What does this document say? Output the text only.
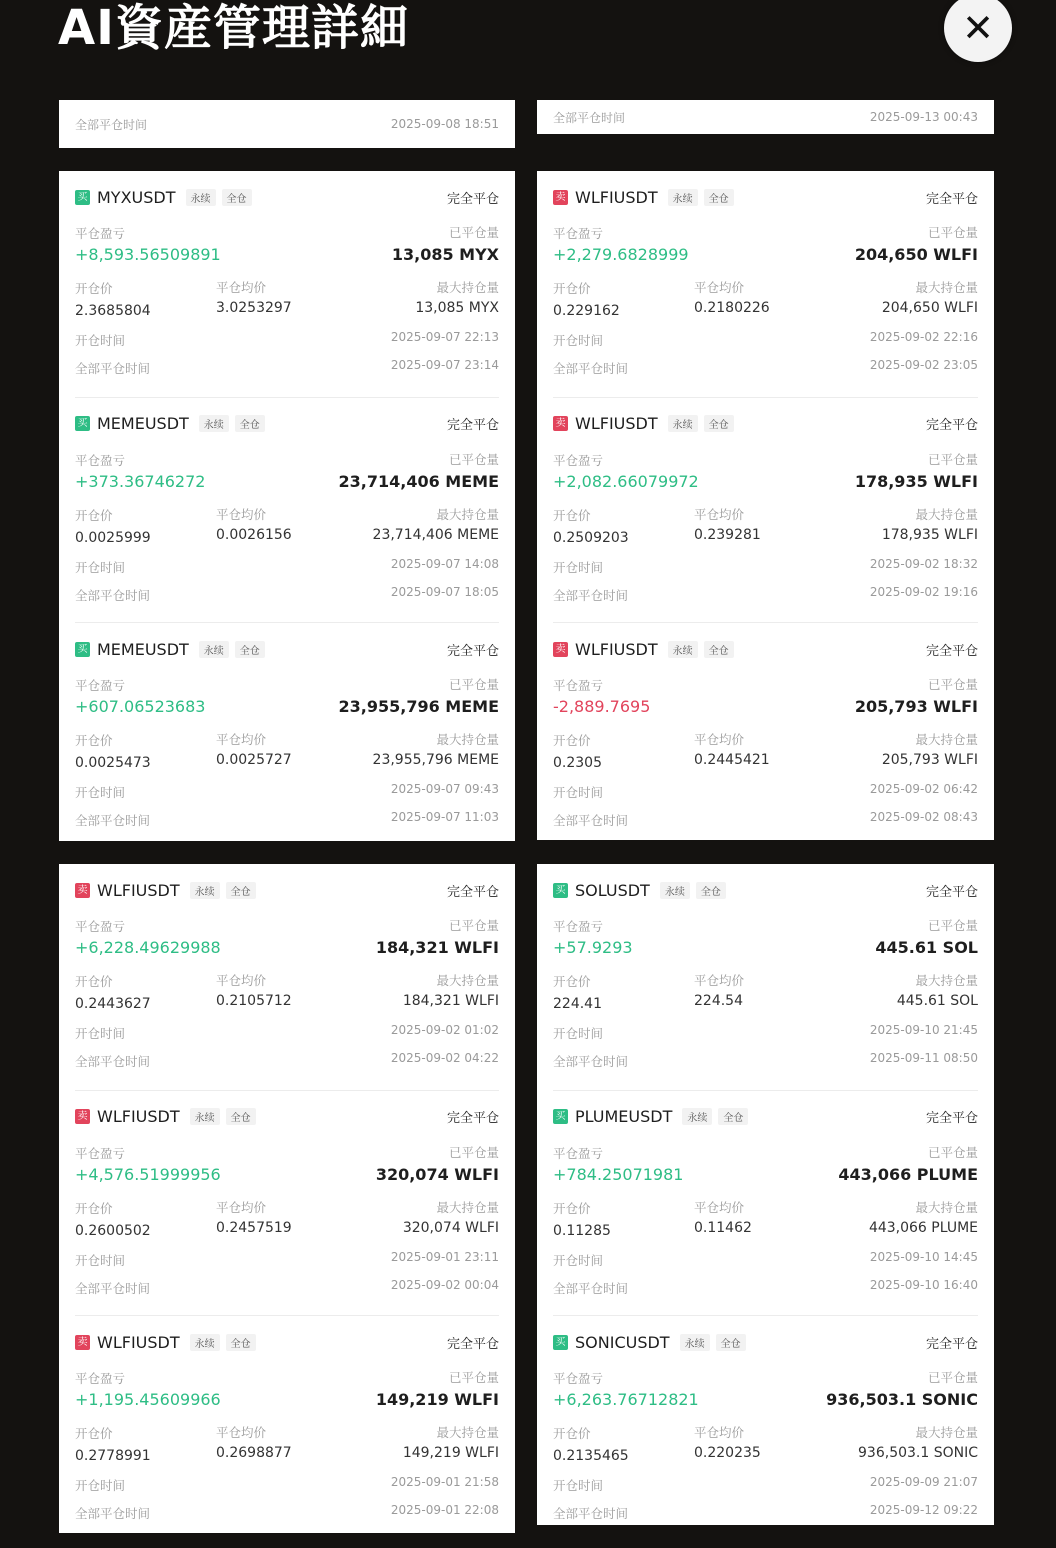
AI資産管理詳細	✕
全部平仓时间	2025-09-08 18:51	全部平仓时间	2025-09-13 00:43
买 MYXUSDT	永续	全仓	完全平仓
平仓盈亏	已平仓量
+8,593.56509891	13,085 MYX
开仓价	平仓均价	最大持仓量
2.3685804	3.0253297	13,085 MYX
开仓时间	2025-09-07 22:13
全部平仓时间	2025-09-07 23:14
买 MEMEUSDT	永续	全仓	完全平仓
平仓盈亏	已平仓量
+373.36746272	23,714,406 MEME
开仓价	平仓均价	最大持仓量
0.0025999	0.0026156	23,714,406 MEME
开仓时间	2025-09-07 14:08
全部平仓时间	2025-09-07 18:05
买 MEMEUSDT	永续	全仓	完全平仓
平仓盈亏	已平仓量
+607.06523683	23,955,796 MEME
开仓价	平仓均价	最大持仓量
0.0025473	0.0025727	23,955,796 MEME
开仓时间	2025-09-07 09:43
全部平仓时间	2025-09-07 11:03
卖 WLFIUSDT	永续	全仓	完全平仓
平仓盈亏	已平仓量
+2,279.6828999	204,650 WLFI
开仓价	平仓均价	最大持仓量
0.229162	0.2180226	204,650 WLFI
开仓时间	2025-09-02 22:16
全部平仓时间	2025-09-02 23:05
卖 WLFIUSDT	永续	全仓	完全平仓
平仓盈亏	已平仓量
+2,082.66079972	178,935 WLFI
开仓价	平仓均价	最大持仓量
0.2509203	0.239281	178,935 WLFI
开仓时间	2025-09-02 18:32
全部平仓时间	2025-09-02 19:16
卖 WLFIUSDT	永续	全仓	完全平仓
平仓盈亏	已平仓量
-2,889.7695	205,793 WLFI
开仓价	平仓均价	最大持仓量
0.2305	0.2445421	205,793 WLFI
开仓时间	2025-09-02 06:42
全部平仓时间	2025-09-02 08:43
卖 WLFIUSDT	永续	全仓	完全平仓
平仓盈亏	已平仓量
+6,228.49629988	184,321 WLFI
开仓价	平仓均价	最大持仓量
0.2443627	0.2105712	184,321 WLFI
开仓时间	2025-09-02 01:02
全部平仓时间	2025-09-02 04:22
卖 WLFIUSDT	永续	全仓	完全平仓
平仓盈亏	已平仓量
+4,576.51999956	320,074 WLFI
开仓价	平仓均价	最大持仓量
0.2600502	0.2457519	320,074 WLFI
开仓时间	2025-09-01 23:11
全部平仓时间	2025-09-02 00:04
卖 WLFIUSDT	永续	全仓	完全平仓
平仓盈亏	已平仓量
+1,195.45609966	149,219 WLFI
开仓价	平仓均价	最大持仓量
0.2778991	0.2698877	149,219 WLFI
开仓时间	2025-09-01 21:58
全部平仓时间	2025-09-01 22:08
买 SOLUSDT	永续	全仓	完全平仓
平仓盈亏	已平仓量
+57.9293	445.61 SOL
开仓价	平仓均价	最大持仓量
224.41	224.54	445.61 SOL
开仓时间	2025-09-10 21:45
全部平仓时间	2025-09-11 08:50
买 PLUMEUSDT	永续	全仓	完全平仓
平仓盈亏	已平仓量
+784.25071981	443,066 PLUME
开仓价	平仓均价	最大持仓量
0.11285	0.11462	443,066 PLUME
开仓时间	2025-09-10 14:45
全部平仓时间	2025-09-10 16:40
买 SONICUSDT	永续	全仓	完全平仓
平仓盈亏	已平仓量
+6,263.76712821	936,503.1 SONIC
开仓价	平仓均价	最大持仓量
0.2135465	0.220235	936,503.1 SONIC
开仓时间	2025-09-09 21:07
全部平仓时间	2025-09-12 09:22
